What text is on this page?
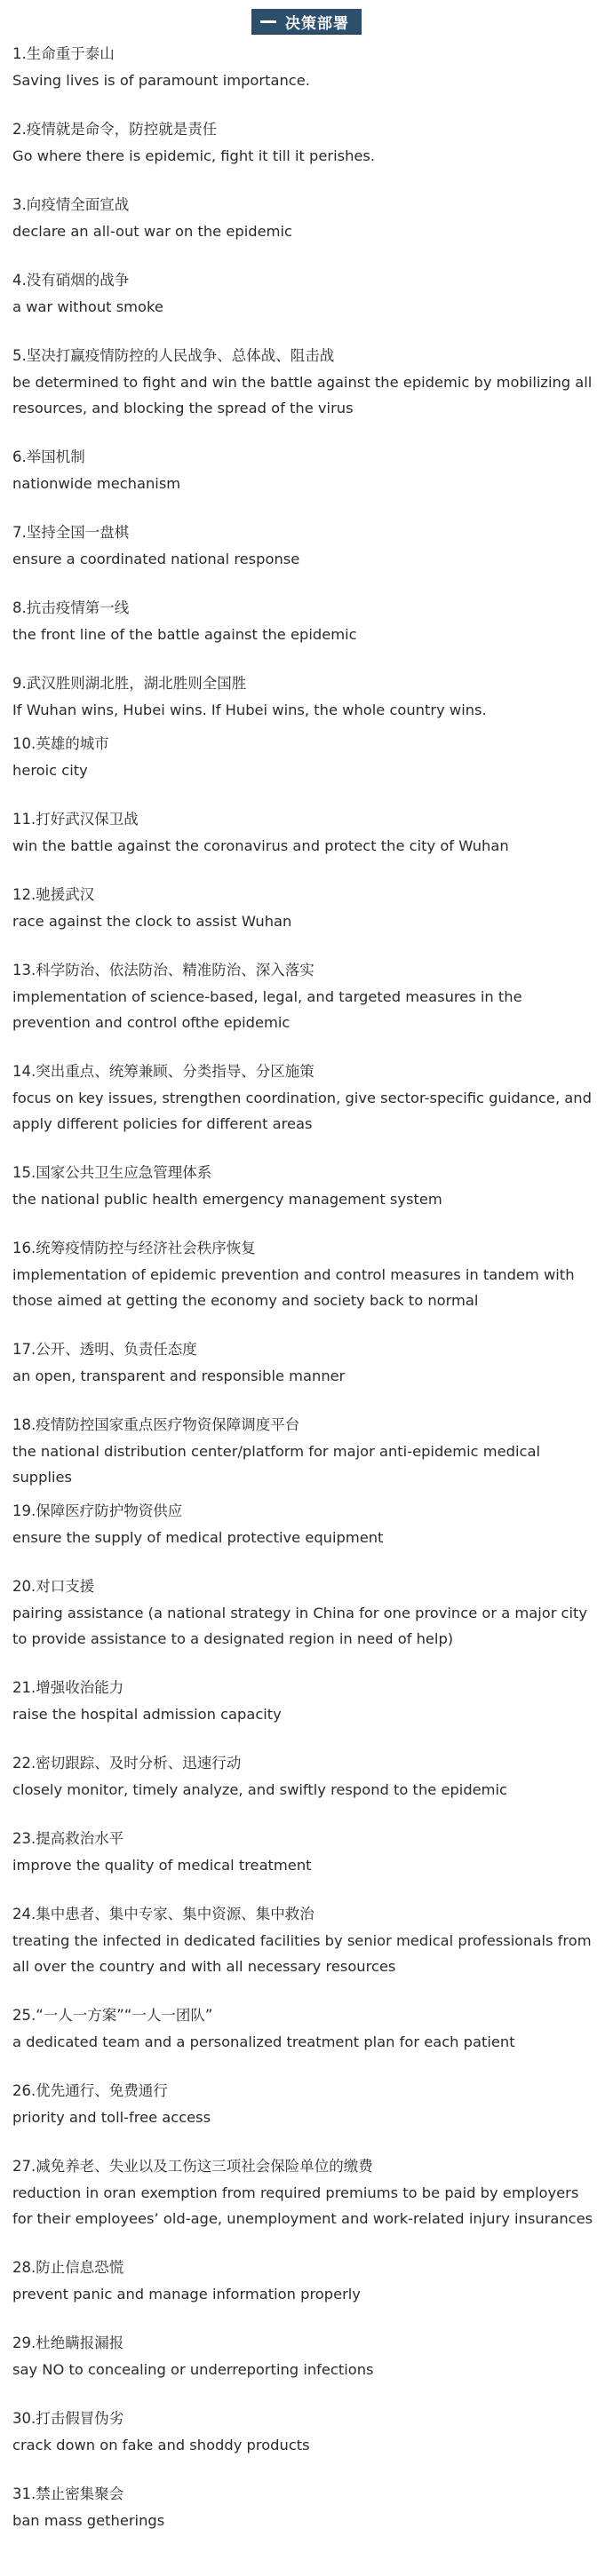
决策部署

1.生命重于泰山

Saving lives is of paramount importance.

2.疫情就是命令，防控就是责任

Go where there is epidemic, fight it till it perishes.

3.向疫情全面宣战

declare an all-out war on the epidemic

4.没有硝烟的战争

a war without smoke

5.坚决打赢疫情防控的人民战争、总体战、阻击战

be determined to fight and win the battle against the epidemic by mobilizing all resources, and blocking the spread of the virus

6.举国机制

nationwide mechanism

7.坚持全国一盘棋

ensure a coordinated national response

8.抗击疫情第一线

the front line of the battle against the epidemic

9.武汉胜则湖北胜，湖北胜则全国胜

If Wuhan wins, Hubei wins. If Hubei wins, the whole country wins.

10.英雄的城市

heroic city

11.打好武汉保卫战

win the battle against the coronavirus and protect the city of Wuhan

12.驰援武汉

race against the clock to assist Wuhan

13.科学防治、依法防治、精准防治、深入落实

implementation of science-based, legal, and targeted measures in the prevention and control ofthe epidemic

14.突出重点、统筹兼顾、分类指导、分区施策

focus on key issues, strengthen coordination, give sector-specific guidance, and apply different policies for different areas

15.国家公共卫生应急管理体系

the national public health emergency management system

16.统筹疫情防控与经济社会秩序恢复

implementation of epidemic prevention and control measures in tandem with those aimed at getting the economy and society back to normal

17.公开、透明、负责任态度

an open, transparent and responsible manner

18.疫情防控国家重点医疗物资保障调度平台

the national distribution center/platform for major anti-epidemic medical supplies

19.保障医疗防护物资供应

ensure the supply of medical protective equipment

20.对口支援

pairing assistance (a national strategy in China for one province or a major city to provide assistance to a designated region in need of help)

21.增强收治能力

raise the hospital admission capacity

22.密切跟踪、及时分析、迅速行动

closely monitor, timely analyze, and swiftly respond to the epidemic

23.提高救治水平

improve the quality of medical treatment

24.集中患者、集中专家、集中资源、集中救治

treating the infected in dedicated facilities by senior medical professionals from all over the country and with all necessary resources

25.“一人一方案”“一人一团队”

a dedicated team and a personalized treatment plan for each patient

26.优先通行、免费通行

priority and toll-free access

27.减免养老、失业以及工伤这三项社会保险单位的缴费

reduction in oran exemption from required premiums to be paid by employers for their employees’ old-age, unemployment and work-related injury insurances

28.防止信息恐慌

prevent panic and manage information properly

29.杜绝瞒报漏报

say NO to concealing or underreporting infections

30.打击假冒伪劣

crack down on fake and shoddy products

31.禁止密集聚会

ban mass getherings
